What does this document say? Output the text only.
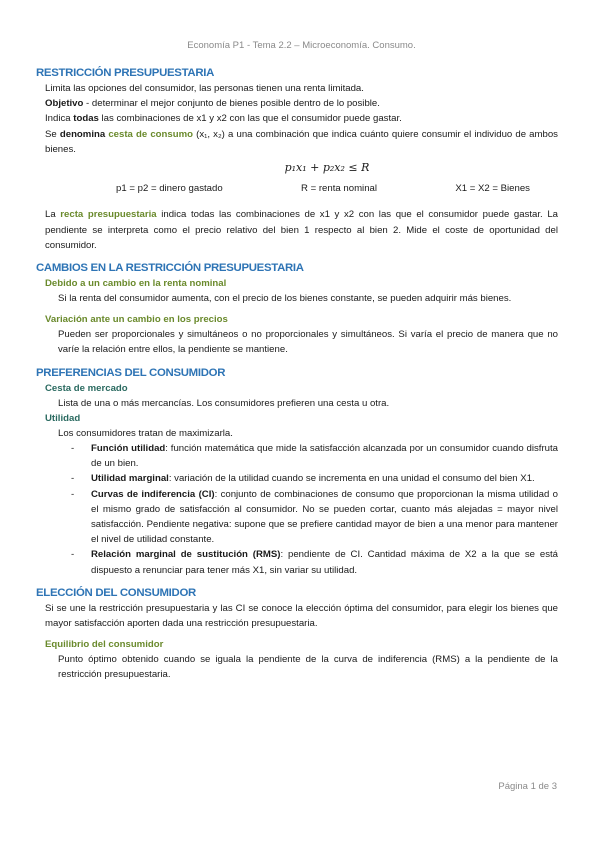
Economía P1 - Tema 2.2 – Microeconomía. Consumo.
RESTRICCIÓN PRESUPUESTARIA

Limita las opciones del consumidor, las personas tienen una renta limitada.

Objetivo - determinar el mejor conjunto de bienes posible dentro de lo posible.

Indica todas las combinaciones de x1 y x2 con las que el consumidor puede gastar.

Se denomina cesta de consumo (x₁, x₂) a una combinación que indica cuánto quiere consumir el individuo de ambos bienes.

p₁x₁ + p₂x₂ ≤ R
p1 = p2 = dinero gastado	R = renta nominal	X1 = X2 = Bienes

La recta presupuestaria indica todas las combinaciones de x1 y x2 con las que el consumidor puede gastar. La pendiente se interpreta como el precio relativo del bien 1 respecto al bien 2. Mide el coste de oportunidad del consumidor.

CAMBIOS EN LA RESTRICCIÓN PRESUPUESTARIA
Debido a un cambio en la renta nominal

Si la renta del consumidor aumenta, con el precio de los bienes constante, se pueden adquirir más bienes.

Variación ante un cambio en los precios

Pueden ser proporcionales y simultáneos o no proporcionales y simultáneos. Si varía el precio de manera que no varíe la relación entre ellos, la pendiente se mantiene.

PREFERENCIAS DEL CONSUMIDOR
Cesta de mercado

Lista de una o más mercancías. Los consumidores prefieren una cesta u otra.

Utilidad

Los consumidores tratan de maximizarla.

- Función utilidad: función matemática que mide la satisfacción alcanzada por un consumidor cuando disfruta de un bien.
- Utilidad marginal: variación de la utilidad cuando se incrementa en una unidad el consumo del bien X1.
- Curvas de indiferencia (CI): conjunto de combinaciones de consumo que proporcionan la misma utilidad o el mismo grado de satisfacción al consumidor. No se pueden cortar, cuanto más alejadas = mayor nivel satisfacción. Pendiente negativa: supone que se prefiere cantidad mayor de bien a una menor para mantener el nivel de utilidad constante.
- Relación marginal de sustitución (RMS): pendiente de CI. Cantidad máxima de X2 a la que se está dispuesto a renunciar para tener más X1, sin variar su utilidad.
ELECCIÓN DEL CONSUMIDOR

Si se une la restricción presupuestaria y las CI se conoce la elección óptima del consumidor, para elegir los bienes que mayor satisfacción aporten dada una restricción presupuestaria.

Equilibrio del consumidor

Punto óptimo obtenido cuando se iguala la pendiente de la curva de indiferencia (RMS) a la pendiente de la restricción presupuestaria.

Página 1 de 3
